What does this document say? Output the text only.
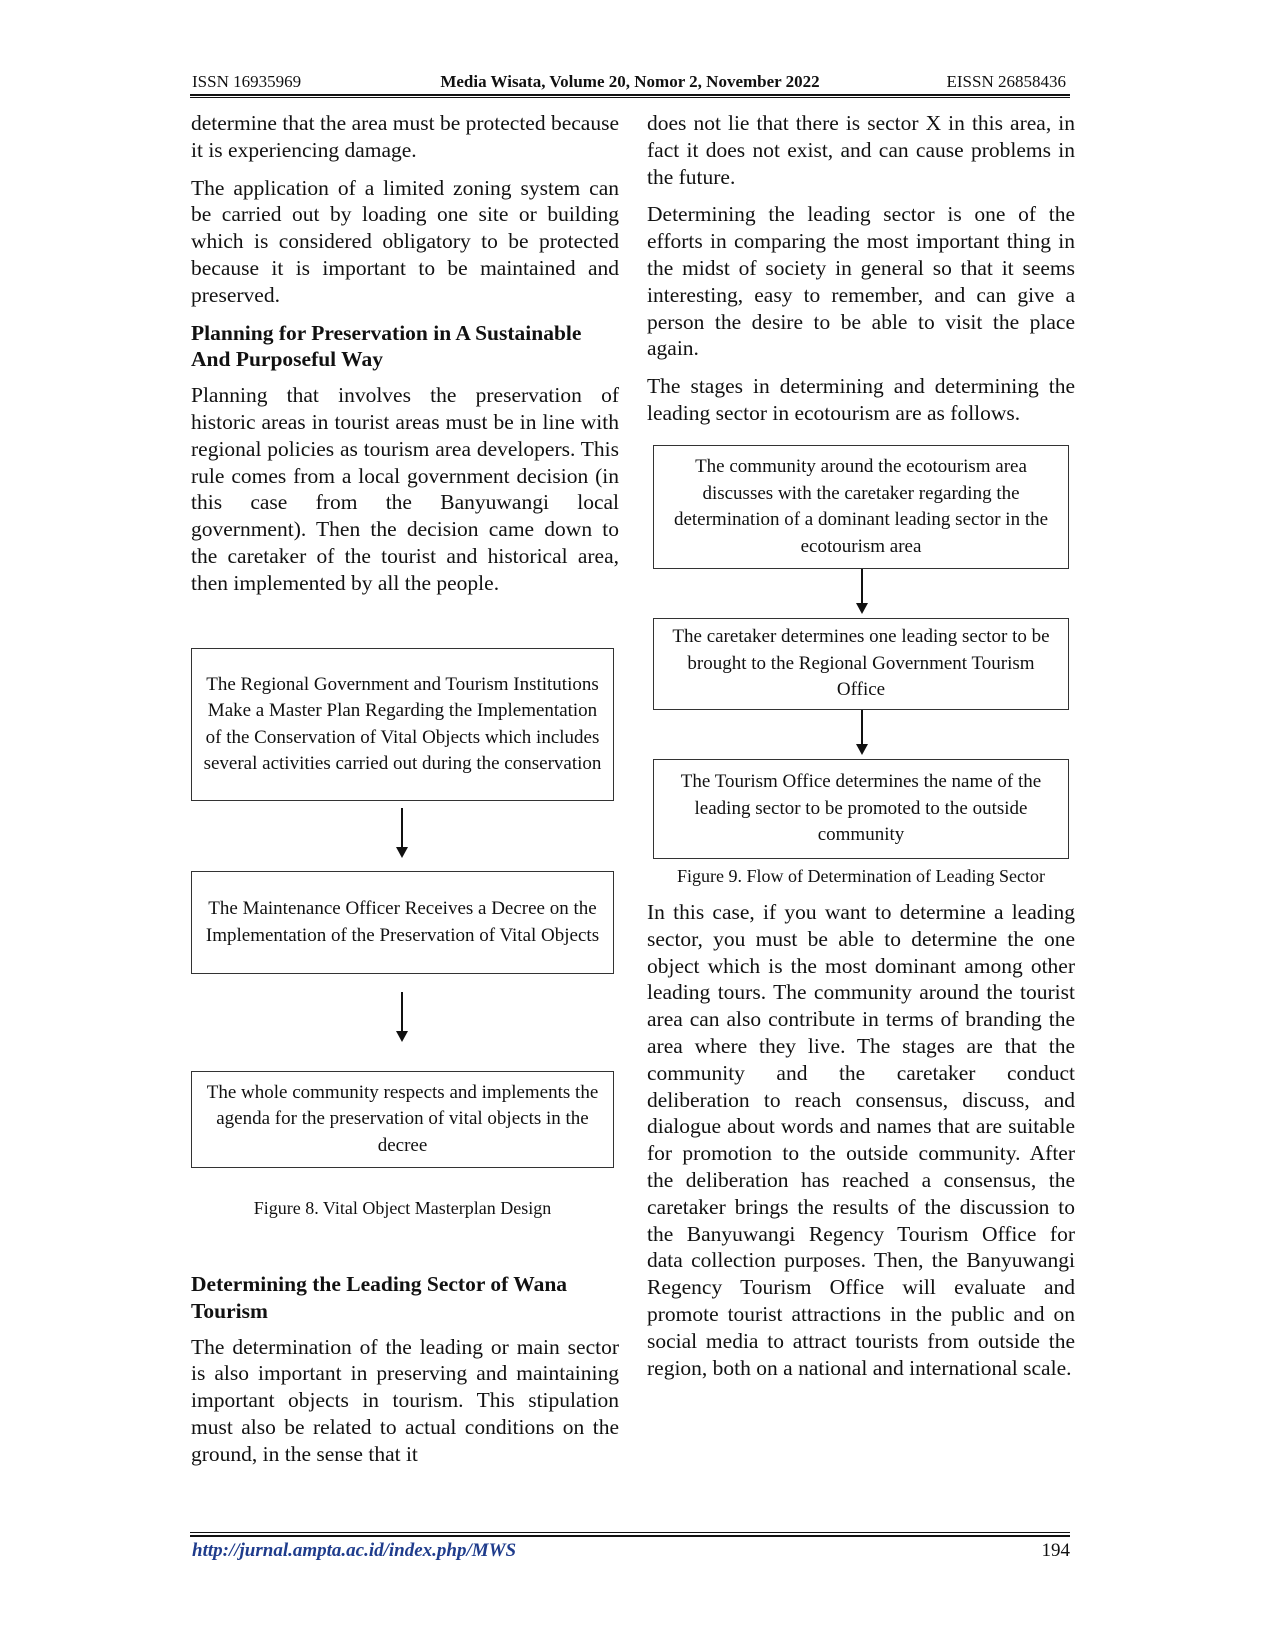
ISSN 16935969	Media Wisata, Volume 20, Nomor 2, November 2022	EISSN 26858436

determine that the area must be protected because it is experiencing damage.

The application of a limited zoning system can be carried out by loading one site or building which is considered obligatory to be protected because it is important to be maintained and preserved.

Planning for Preservation in A Sustainable And Purposeful Way

Planning that involves the preservation of historic areas in tourist areas must be in line with regional policies as tourism area developers. This rule comes from a local government decision (in this case from the Banyuwangi local government). Then the decision came down to the caretaker of the tourist and historical area, then implemented by all the people.

The Regional Government and Tourism Institutions Make a Master Plan Regarding the Implementation of the Conservation of Vital Objects which includes several activities carried out during the conservation
The Maintenance Officer Receives a Decree on the Implementation of the Preservation of Vital Objects
The whole community respects and implements the agenda for the preservation of vital objects in the decree
Figure 8. Vital Object Masterplan Design
Determining the Leading Sector of Wana Tourism

The determination of the leading or main sector is also important in preserving and maintaining important objects in tourism. This stipulation must also be related to actual conditions on the ground, in the sense that it

does not lie that there is sector X in this area, in fact it does not exist, and can cause problems in the future.

Determining the leading sector is one of the efforts in comparing the most important thing in the midst of society in general so that it seems interesting, easy to remember, and can give a person the desire to be able to visit the place again.

The stages in determining and determining the leading sector in ecotourism are as follows.

The community around the ecotourism area discusses with the caretaker regarding the determination of a dominant leading sector in the ecotourism area
The caretaker determines one leading sector to be brought to the Regional Government Tourism Office
The Tourism Office determines the name of the leading sector to be promoted to the outside community
Figure 9. Flow of Determination of Leading Sector

In this case, if you want to determine a leading sector, you must be able to determine the one object which is the most dominant among other leading tours. The community around the tourist area can also contribute in terms of branding the area where they live. The stages are that the community and the caretaker conduct deliberation to reach consensus, discuss, and dialogue about words and names that are suitable for promotion to the outside community. After the deliberation has reached a consensus, the caretaker brings the results of the discussion to the Banyuwangi Regency Tourism Office for data collection purposes. Then, the Banyuwangi Regency Tourism Office will evaluate and promote tourist attractions in the public and on social media to attract tourists from outside the region, both on a national and international scale.

http://jurnal.ampta.ac.id/index.php/MWS	194
